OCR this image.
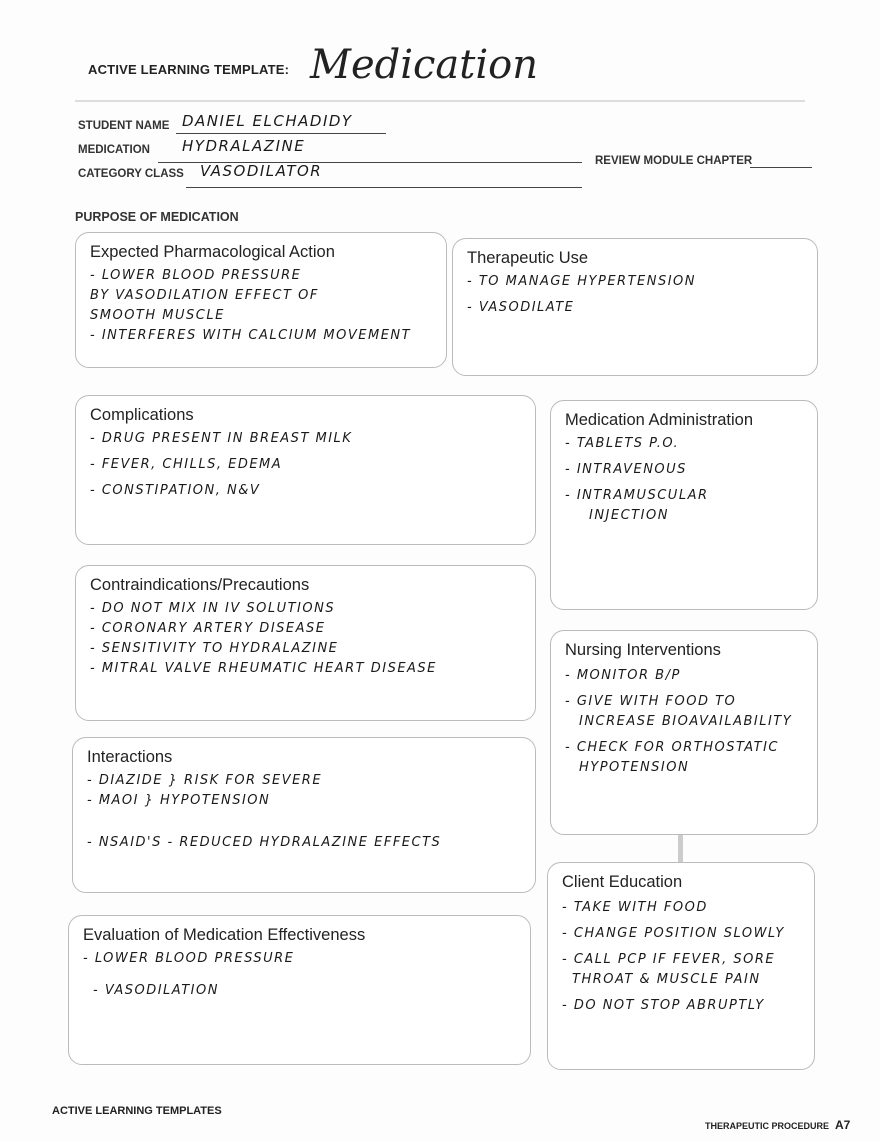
ACTIVE LEARNING TEMPLATE: Medication
STUDENT NAME DANIEL ELCHADIDY
MEDICATION HYDRALAZINE
REVIEW MODULE CHAPTER
CATEGORY CLASS VASODILATOR
PURPOSE OF MEDICATION
Expected Pharmacological Action
- LOWER BLOOD PRESSURE
BY VASODILATION EFFECT OF
SMOOTH MUSCLE
- INTERFERES WITH CALCIUM MOVEMENT
Therapeutic Use
- TO MANAGE HYPERTENSION
- VASODILATE
Complications
- DRUG PRESENT IN BREAST MILK
- FEVER, CHILLS, EDEMA
- CONSTIPATION, N&V
Medication Administration
- TABLETS P.O.
- INTRAVENOUS
- INTRAMUSCULAR
INJECTION
Contraindications/Precautions
- DO NOT MIX IN IV SOLUTIONS
- CORONARY ARTERY DISEASE
- SENSITIVITY TO HYDRALAZINE
- MITRAL VALVE RHEUMATIC HEART DISEASE
Nursing Interventions
- MONITOR B/P
- GIVE WITH FOOD TO
INCREASE BIOAVAILABILITY
- CHECK FOR ORTHOSTATIC
HYPOTENSION
Interactions
- DIAZIDE } RISK FOR SEVERE
- MAOI } HYPOTENSION
- NSAID'S - REDUCED HYDRALAZINE EFFECTS
Client Education
- TAKE WITH FOOD
- CHANGE POSITION SLOWLY
- CALL PCP IF FEVER, SORE
THROAT & MUSCLE PAIN
- DO NOT STOP ABRUPTLY
Evaluation of Medication Effectiveness
- LOWER BLOOD PRESSURE
- VASODILATION
ACTIVE LEARNING TEMPLATES
THERAPEUTIC PROCEDURE A7
